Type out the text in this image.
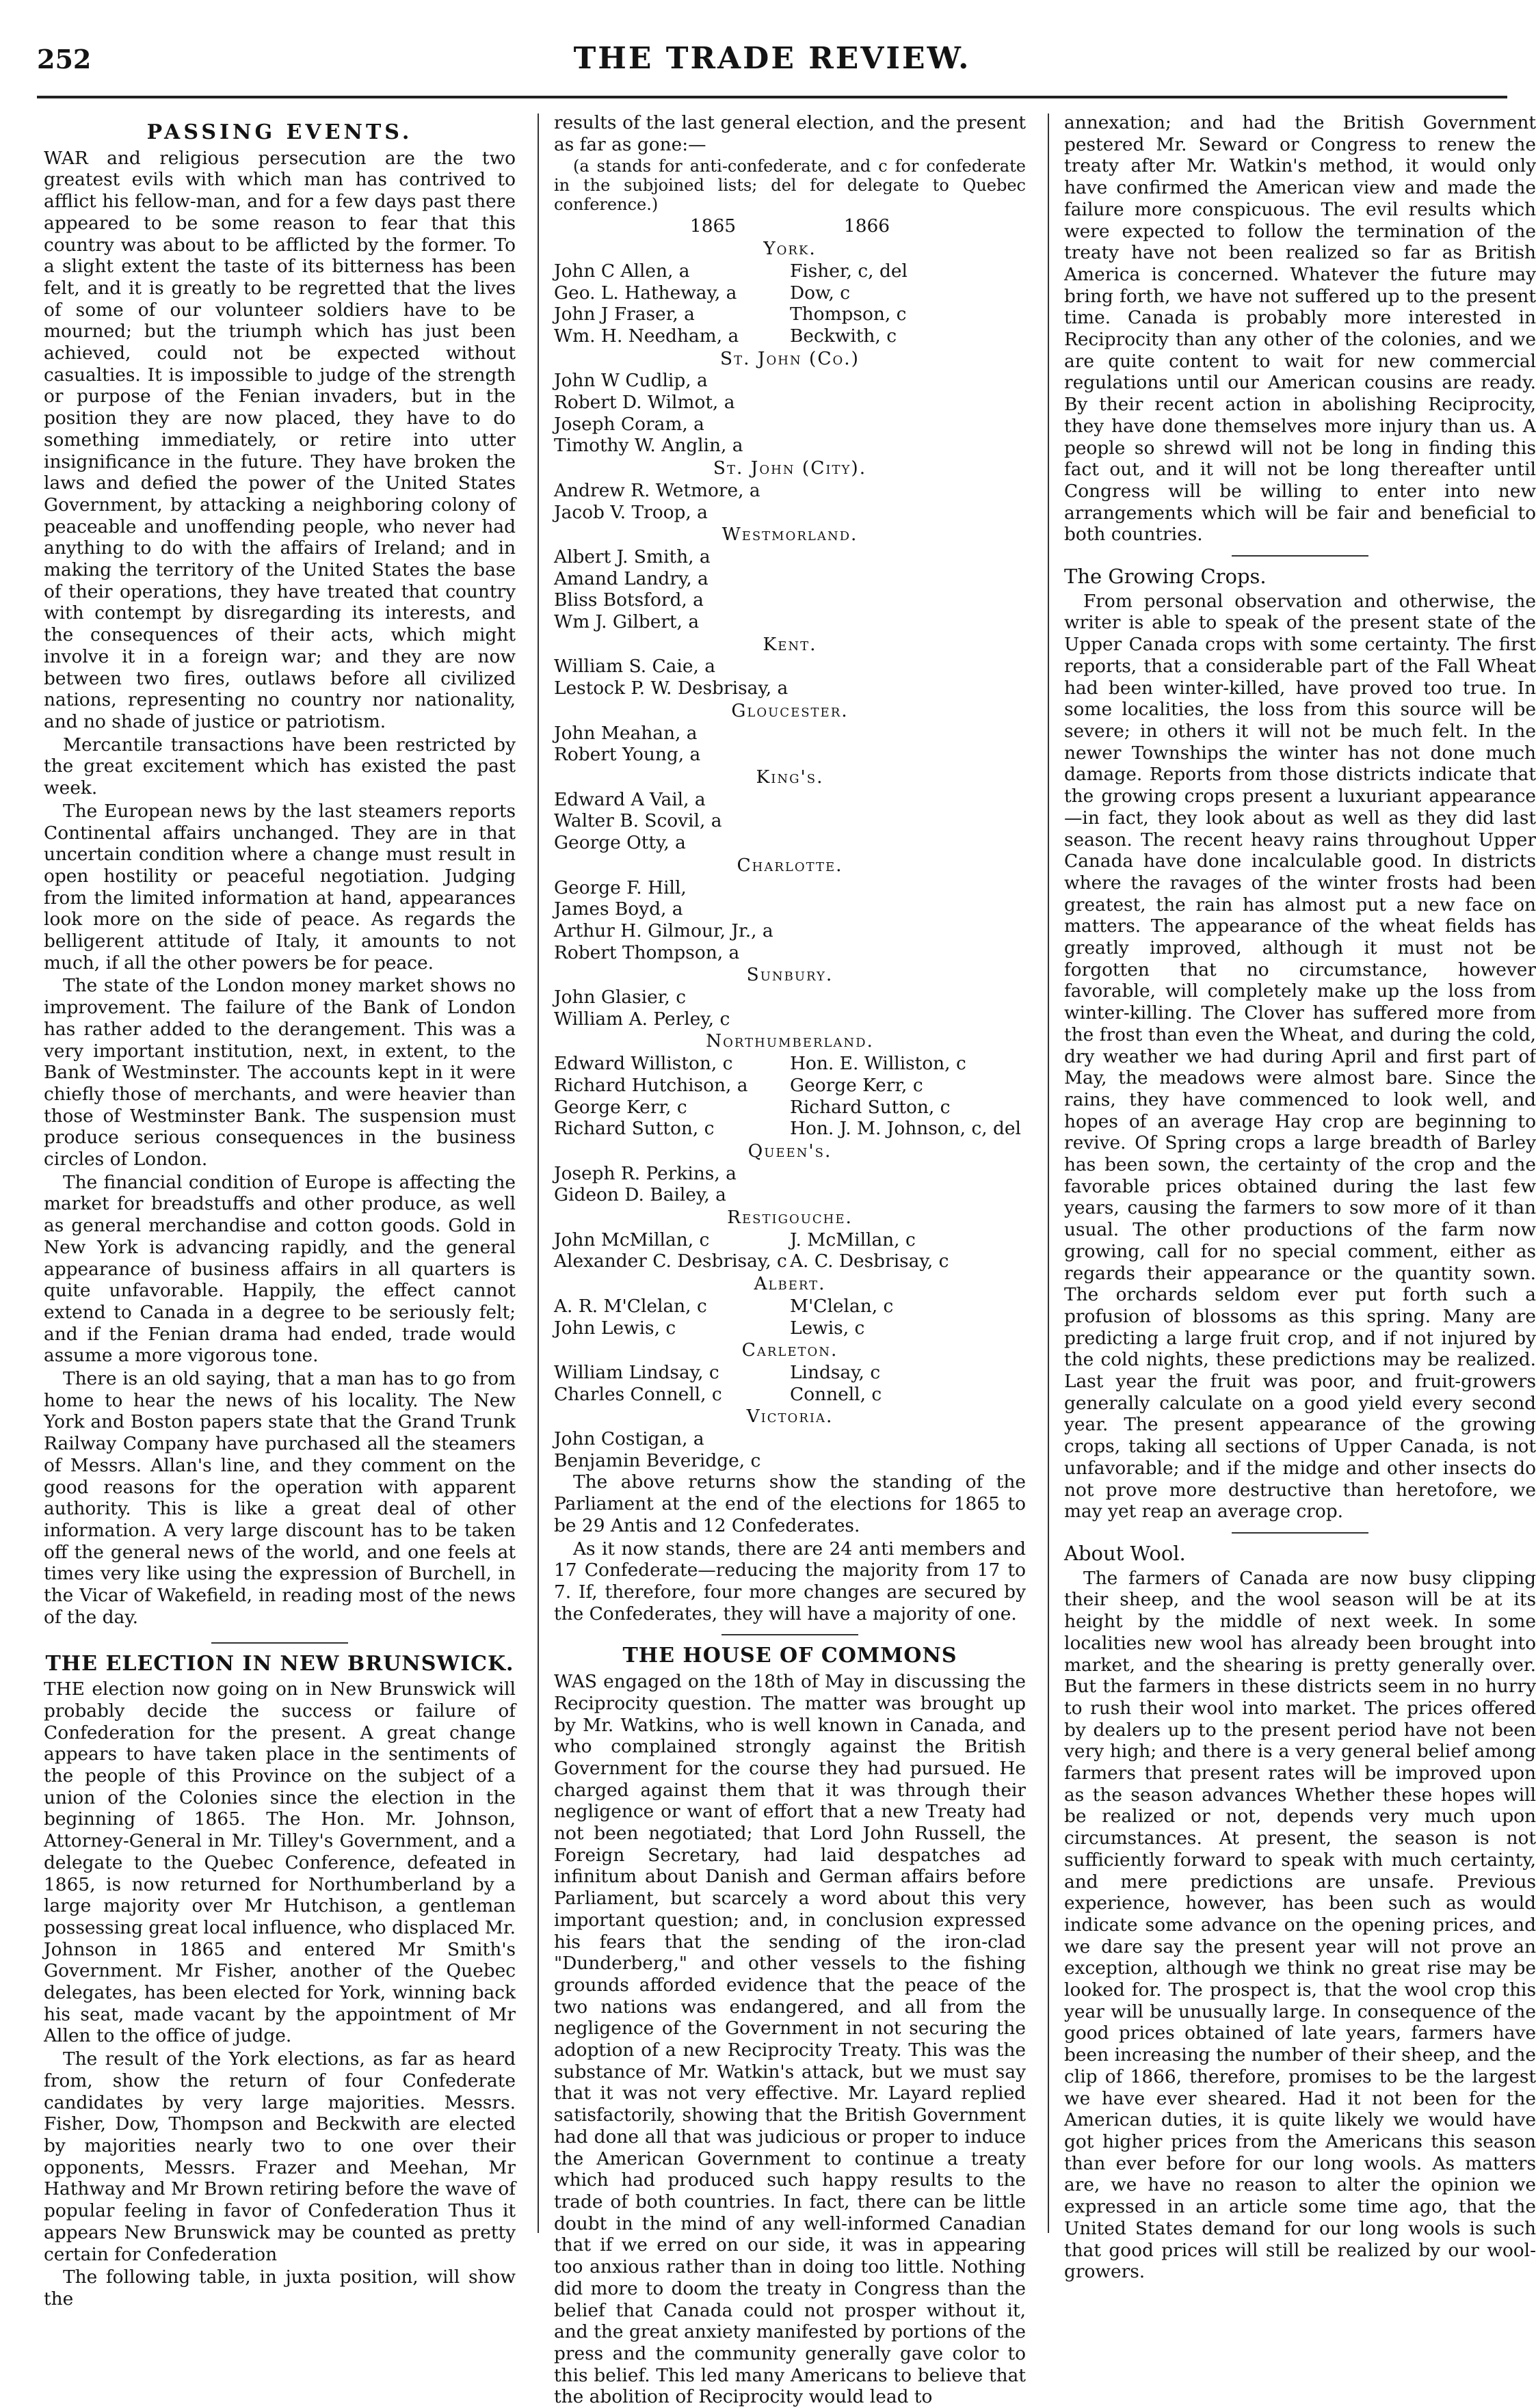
252	THE TRADE REVIEW.
PASSING EVENTS.

WAR and religious persecution are the two greatest evils with which man has contrived to afflict his fellow-man, and for a few days past there appeared to be some reason to fear that this country was about to be afflicted by the former. To a slight extent the taste of its bitterness has been felt, and it is greatly to be regretted that the lives of some of our volunteer soldiers have to be mourned; but the triumph which has just been achieved, could not be expected without casualties. It is impossible to judge of the strength or purpose of the Fenian invaders, but in the position they are now placed, they have to do something immediately, or retire into utter insignificance in the future. They have broken the laws and defied the power of the United States Government, by attacking a neighboring colony of peaceable and unoffending people, who never had anything to do with the affairs of Ireland; and in making the territory of the United States the base of their operations, they have treated that country with contempt by disregarding its interests, and the consequences of their acts, which might involve it in a foreign war; and they are now between two fires, outlaws before all civilized nations, representing no country nor nationality, and no shade of justice or patriotism.

Mercantile transactions have been restricted by the great excitement which has existed the past week.

The European news by the last steamers reports Continental affairs unchanged. They are in that uncertain condition where a change must result in open hostility or peaceful negotiation. Judging from the limited information at hand, appearances look more on the side of peace. As regards the belligerent attitude of Italy, it amounts to not much, if all the other powers be for peace.

The state of the London money market shows no improvement. The failure of the Bank of London has rather added to the derangement. This was a very important institution, next, in extent, to the Bank of Westminster. The accounts kept in it were chiefly those of merchants, and were heavier than those of Westminster Bank. The suspension must produce serious consequences in the business circles of London.

The financial condition of Europe is affecting the market for breadstuffs and other produce, as well as general merchandise and cotton goods. Gold in New York is advancing rapidly, and the general appearance of business affairs in all quarters is quite unfavorable. Happily, the effect cannot extend to Canada in a degree to be seriously felt; and if the Fenian drama had ended, trade would assume a more vigorous tone.

There is an old saying, that a man has to go from home to hear the news of his locality. The New York and Boston papers state that the Grand Trunk Railway Company have purchased all the steamers of Messrs. Allan's line, and they comment on the good reasons for the operation with apparent authority. This is like a great deal of other information. A very large discount has to be taken off the general news of the world, and one feels at times very like using the expression of Burchell, in the Vicar of Wakefield, in reading most of the news of the day.

THE ELECTION IN NEW BRUNSWICK.

THE election now going on in New Brunswick will probably decide the success or failure of Confederation for the present. A great change appears to have taken place in the sentiments of the people of this Province on the subject of a union of the Colonies since the election in the beginning of 1865. The Hon. Mr. Johnson, Attorney-General in Mr. Tilley's Government, and a delegate to the Quebec Conference, defeated in 1865, is now returned for Northumberland by a large majority over Mr Hutchison, a gentleman possessing great local influence, who displaced Mr. Johnson in 1865 and entered Mr Smith's Government. Mr Fisher, another of the Quebec delegates, has been elected for York, winning back his seat, made vacant by the appointment of Mr Allen to the office of judge.

The result of the York elections, as far as heard from, show the return of four Confederate candidates by very large majorities. Messrs. Fisher, Dow, Thompson and Beckwith are elected by majorities nearly two to one over their opponents, Messrs. Frazer and Meehan, Mr Hathway and Mr Brown retiring before the wave of popular feeling in favor of Confederation Thus it appears New Brunswick may be counted as pretty certain for Confederation

The following table, in juxta position, will show the

results of the last general election, and the present as far as gone:—

(a stands for anti-confederate, and c for confederate in the subjoined lists; del for delegate to Quebec conference.)

1865	1866
York.
John C Allen, a	Fisher, c, del
Geo. L. Hatheway, a	Dow, c
John J Fraser, a	Thompson, c
Wm. H. Needham, a	Beckwith, c
St. John (Co.)
John W Cudlip, a
Robert D. Wilmot, a
Joseph Coram, a
Timothy W. Anglin, a
St. John (City).
Andrew R. Wetmore, a
Jacob V. Troop, a
Westmorland.
Albert J. Smith, a
Amand Landry, a
Bliss Botsford, a
Wm J. Gilbert, a
Kent.
William S. Caie, a
Lestock P. W. Desbrisay, a
Gloucester.
John Meahan, a
Robert Young, a
King's.
Edward A Vail, a
Walter B. Scovil, a
George Otty, a
Charlotte.
George F. Hill,
James Boyd, a
Arthur H. Gilmour, Jr., a
Robert Thompson, a
Sunbury.
John Glasier, c
William A. Perley, c
Northumberland.
Edward Williston, c	Hon. E. Williston, c
Richard Hutchison, a	George Kerr, c
George Kerr, c	Richard Sutton, c
Richard Sutton, c	Hon. J. M. Johnson, c, del
Queen's.
Joseph R. Perkins, a
Gideon D. Bailey, a
Restigouche.
John McMillan, c	J. McMillan, c
Alexander C. Desbrisay, c A. C. Desbrisay, c
Albert.
A. R. M'Clelan, c	M'Clelan, c
John Lewis, c	Lewis, c
Carleton.
William Lindsay, c	Lindsay, c
Charles Connell, c	Connell, c
Victoria.
John Costigan, a
Benjamin Beveridge, c

The above returns show the standing of the Parliament at the end of the elections for 1865 to be 29 Antis and 12 Confederates.

As it now stands, there are 24 anti members and 17 Confederate—reducing the majority from 17 to 7. If, therefore, four more changes are secured by the Confederates, they will have a majority of one.

THE HOUSE OF COMMONS

WAS engaged on the 18th of May in discussing the Reciprocity question. The matter was brought up by Mr. Watkins, who is well known in Canada, and who complained strongly against the British Government for the course they had pursued. He charged against them that it was through their negligence or want of effort that a new Treaty had not been negotiated; that Lord John Russell, the Foreign Secretary, had laid despatches ad infinitum about Danish and German affairs before Parliament, but scarcely a word about this very important question; and, in conclusion expressed his fears that the sending of the iron-clad "Dunderberg," and other vessels to the fishing grounds afforded evidence that the peace of the two nations was endangered, and all from the negligence of the Government in not securing the adoption of a new Reciprocity Treaty. This was the substance of Mr. Watkin's attack, but we must say that it was not very effective. Mr. Layard replied satisfactorily, showing that the British Government had done all that was judicious or proper to induce the American Government to continue a treaty which had produced such happy results to the trade of both countries. In fact, there can be little doubt in the mind of any well-informed Canadian that if we erred on our side, it was in appearing too anxious rather than in doing too little. Nothing did more to doom the treaty in Congress than the belief that Canada could not prosper without it, and the great anxiety manifested by portions of the press and the community generally gave color to this belief. This led many Americans to believe that the abolition of Reciprocity would lead to

annexation; and had the British Government pestered Mr. Seward or Congress to renew the treaty after Mr. Watkin's method, it would only have confirmed the American view and made the failure more conspicuous. The evil results which were expected to follow the termination of the treaty have not been realized so far as British America is concerned. Whatever the future may bring forth, we have not suffered up to the present time. Canada is probably more interested in Reciprocity than any other of the colonies, and we are quite content to wait for new commercial regulations until our American cousins are ready. By their recent action in abolishing Reciprocity, they have done themselves more injury than us. A people so shrewd will not be long in finding this fact out, and it will not be long thereafter until Congress will be willing to enter into new arrangements which will be fair and beneficial to both countries.

The Growing Crops.

From personal observation and otherwise, the writer is able to speak of the present state of the Upper Canada crops with some certainty. The first reports, that a considerable part of the Fall Wheat had been winter-killed, have proved too true. In some localities, the loss from this source will be severe; in others it will not be much felt. In the newer Townships the winter has not done much damage. Reports from those districts indicate that the growing crops present a luxuriant appearance—in fact, they look about as well as they did last season. The recent heavy rains throughout Upper Canada have done incalculable good. In districts where the ravages of the winter frosts had been greatest, the rain has almost put a new face on matters. The appearance of the wheat fields has greatly improved, although it must not be forgotten that no circumstance, however favorable, will completely make up the loss from winter-killing. The Clover has suffered more from the frost than even the Wheat, and during the cold, dry weather we had during April and first part of May, the meadows were almost bare. Since the rains, they have commenced to look well, and hopes of an average Hay crop are beginning to revive. Of Spring crops a large breadth of Barley has been sown, the certainty of the crop and the favorable prices obtained during the last few years, causing the farmers to sow more of it than usual. The other productions of the farm now growing, call for no special comment, either as regards their appearance or the quantity sown. The orchards seldom ever put forth such a profusion of blossoms as this spring. Many are predicting a large fruit crop, and if not injured by the cold nights, these predictions may be realized. Last year the fruit was poor, and fruit-growers generally calculate on a good yield every second year. The present appearance of the growing crops, taking all sections of Upper Canada, is not unfavorable; and if the midge and other insects do not prove more destructive than heretofore, we may yet reap an average crop.

About Wool.

The farmers of Canada are now busy clipping their sheep, and the wool season will be at its height by the middle of next week. In some localities new wool has already been brought into market, and the shearing is pretty generally over. But the farmers in these districts seem in no hurry to rush their wool into market. The prices offered by dealers up to the present period have not been very high; and there is a very general belief among farmers that present rates will be improved upon as the season advances Whether these hopes will be realized or not, depends very much upon circumstances. At present, the season is not sufficiently forward to speak with much certainty, and mere predictions are unsafe. Previous experience, however, has been such as would indicate some advance on the opening prices, and we dare say the present year will not prove an exception, although we think no great rise may be looked for. The prospect is, that the wool crop this year will be unusually large. In consequence of the good prices obtained of late years, farmers have been increasing the number of their sheep, and the clip of 1866, therefore, promises to be the largest we have ever sheared. Had it not been for the American duties, it is quite likely we would have got higher prices from the Americans this season than ever before for our long wools. As matters are, we have no reason to alter the opinion we expressed in an article some time ago, that the United States demand for our long wools is such that good prices will still be realized by our wool-growers.
